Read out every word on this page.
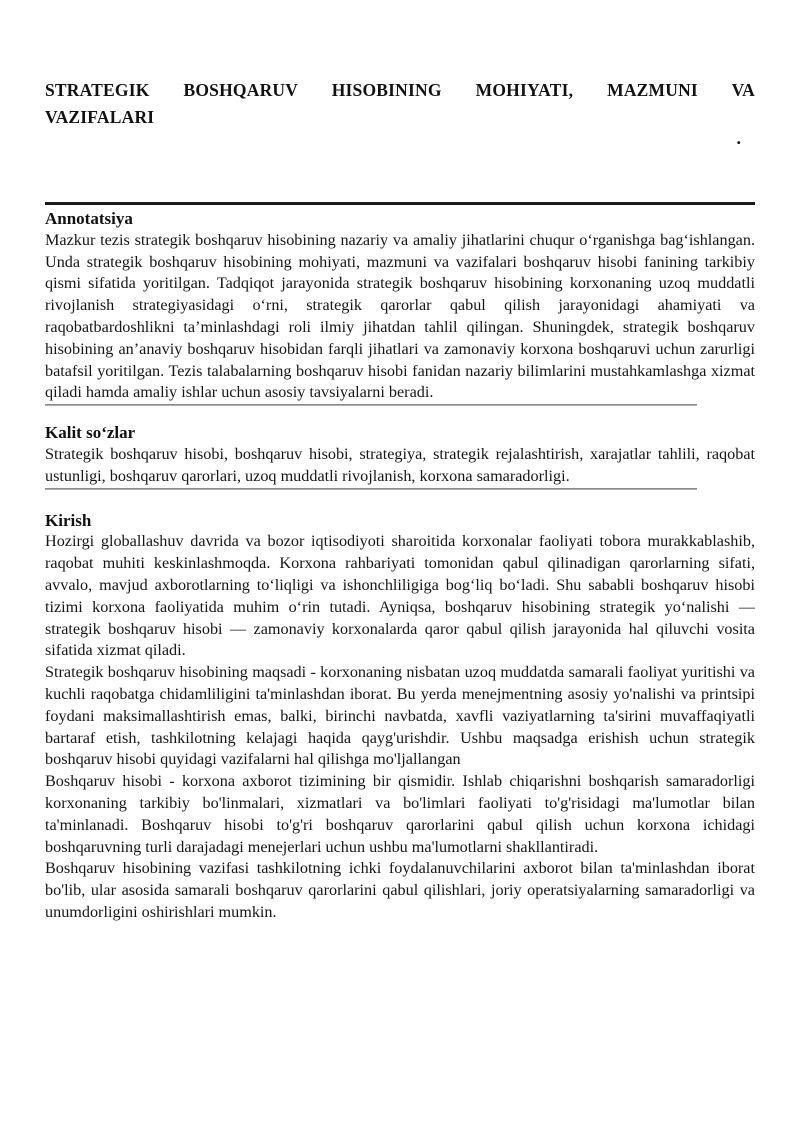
STRATEGIK BOSHQARUV HISOBINING MOHIYATI, MAZMUNI VA
VAZIFALARI
.
Annotatsiya

Mazkur tezis strategik boshqaruv hisobining nazariy va amaliy jihatlarini chuqur oʻrganishga bagʻishlangan. Unda strategik boshqaruv hisobining mohiyati, mazmuni va vazifalari boshqaruv hisobi fanining tarkibiy qismi sifatida yoritilgan. Tadqiqot jarayonida strategik boshqaruv hisobining korxonaning uzoq muddatli rivojlanish strategiyasidagi oʻrni, strategik qarorlar qabul qilish jarayonidagi ahamiyati va raqobatbardoshlikni taʼminlashdagi roli ilmiy jihatdan tahlil qilingan. Shuningdek, strategik boshqaruv hisobining anʼanaviy boshqaruv hisobidan farqli jihatlari va zamonaviy korxona boshqaruvi uchun zarurligi batafsil yoritilgan. Tezis talabalarning boshqaruv hisobi fanidan nazariy bilimlarini mustahkamlashga xizmat qiladi hamda amaliy ishlar uchun asosiy tavsiyalarni beradi.

Kalit soʻzlar

Strategik boshqaruv hisobi, boshqaruv hisobi, strategiya, strategik rejalashtirish, xarajatlar tahlili, raqobat ustunligi, boshqaruv qarorlari, uzoq muddatli rivojlanish, korxona samaradorligi.

Kirish

Hozirgi globallashuv davrida va bozor iqtisodiyoti sharoitida korxonalar faoliyati tobora murakkablashib, raqobat muhiti keskinlashmoqda. Korxona rahbariyati tomonidan qabul qilinadigan qarorlarning sifati, avvalo, mavjud axborotlarning toʻliqligi va ishonchliligiga bogʻliq boʻladi. Shu sababli boshqaruv hisobi tizimi korxona faoliyatida muhim oʻrin tutadi. Ayniqsa, boshqaruv hisobining strategik yoʻnalishi — strategik boshqaruv hisobi — zamonaviy korxonalarda qaror qabul qilish jarayonida hal qiluvchi vosita sifatida xizmat qiladi.

Strategik boshqaruv hisobining maqsadi - korxonaning nisbatan uzoq muddatda samarali faoliyat yuritishi va kuchli raqobatga chidamliligini ta'minlashdan iborat. Bu yerda menejmentning asosiy yo'nalishi va printsipi foydani maksimallashtirish emas, balki, birinchi navbatda, xavfli vaziyatlarning ta'sirini muvaffaqiyatli bartaraf etish, tashkilotning kelajagi haqida qayg'urishdir. Ushbu maqsadga erishish uchun strategik boshqaruv hisobi quyidagi vazifalarni hal qilishga mo'ljallangan

Boshqaruv hisobi - korxona axborot tizimining bir qismidir. Ishlab chiqarishni boshqarish samaradorligi korxonaning tarkibiy bo'linmalari, xizmatlari va bo'limlari faoliyati to'g'risidagi ma'lumotlar bilan ta'minlanadi. Boshqaruv hisobi to'g'ri boshqaruv qarorlarini qabul qilish uchun korxona ichidagi boshqaruvning turli darajadagi menejerlari uchun ushbu ma'lumotlarni shakllantiradi.

Boshqaruv hisobining vazifasi tashkilotning ichki foydalanuvchilarini axborot bilan ta'minlashdan iborat bo'lib, ular asosida samarali boshqaruv qarorlarini qabul qilishlari, joriy operatsiyalarning samaradorligi va unumdorligini oshirishlari mumkin.
